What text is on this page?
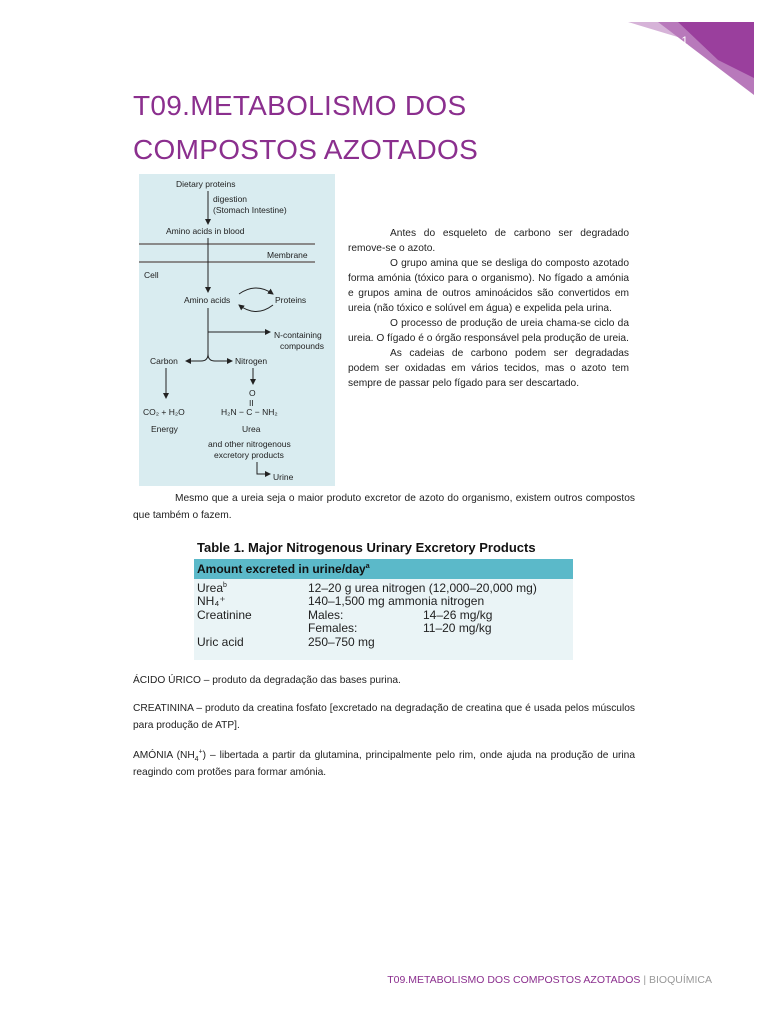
1
T09.METABOLISMO DOS COMPOSTOS AZOTADOS
Dietary proteins
digestion
(Stomach Intestine)
Amino acids in blood
Membrane
Cell
Amino acids	Proteins
N-containing
compounds
Carbon	Nitrogen
CO₂ + H₂O
Energy
O
II
H₂N − C − NH₂
Urea
and other nitrogenous
excretory products
Urine

Antes do esqueleto de carbono ser degradado remove-se o azoto.

O grupo amina que se desliga do composto azotado forma amónia (tóxico para o organismo). No fígado a amónia e grupos amina de outros aminoácidos são convertidos em ureia (não tóxico e solúvel em água) e expelida pela urina.

O processo de produção de ureia chama-se ciclo da ureia. O fígado é o órgão responsável pela produção de ureia.

As cadeias de carbono podem ser degradadas podem ser oxidadas em vários tecidos, mas o azoto tem sempre de passar pelo fígado para ser descartado.

Mesmo que a ureia seja o maior produto excretor de azoto do organismo, existem outros compostos que também o fazem.
Table 1. Major Nitrogenous Urinary Excretory Products
Amount excreted in urine/day$^a$
Urea$^b$	12–20 g urea nitrogen (12,000–20,000 mg)
NH₄⁺	140–1,500 mg ammonia nitrogen
Creatinine	Males:	14–26 mg/kg
Females:	11–20 mg/kg
Uric acid	250–750 mg
ÁCIDO ÚRICO – produto da degradação das bases purina.
CREATININA – produto da creatina fosfato [excretado na degradação de creatina que é usada pelos músculos para produção de ATP].
AMÓNIA $(NH_4^+)$ – libertada a partir da glutamina, principalmente pelo rim, onde ajuda na produção de urina reagindo com protões para formar amónia.
T09.METABOLISMO DOS COMPOSTOS AZOTADOS | BIOQUÍMICA
